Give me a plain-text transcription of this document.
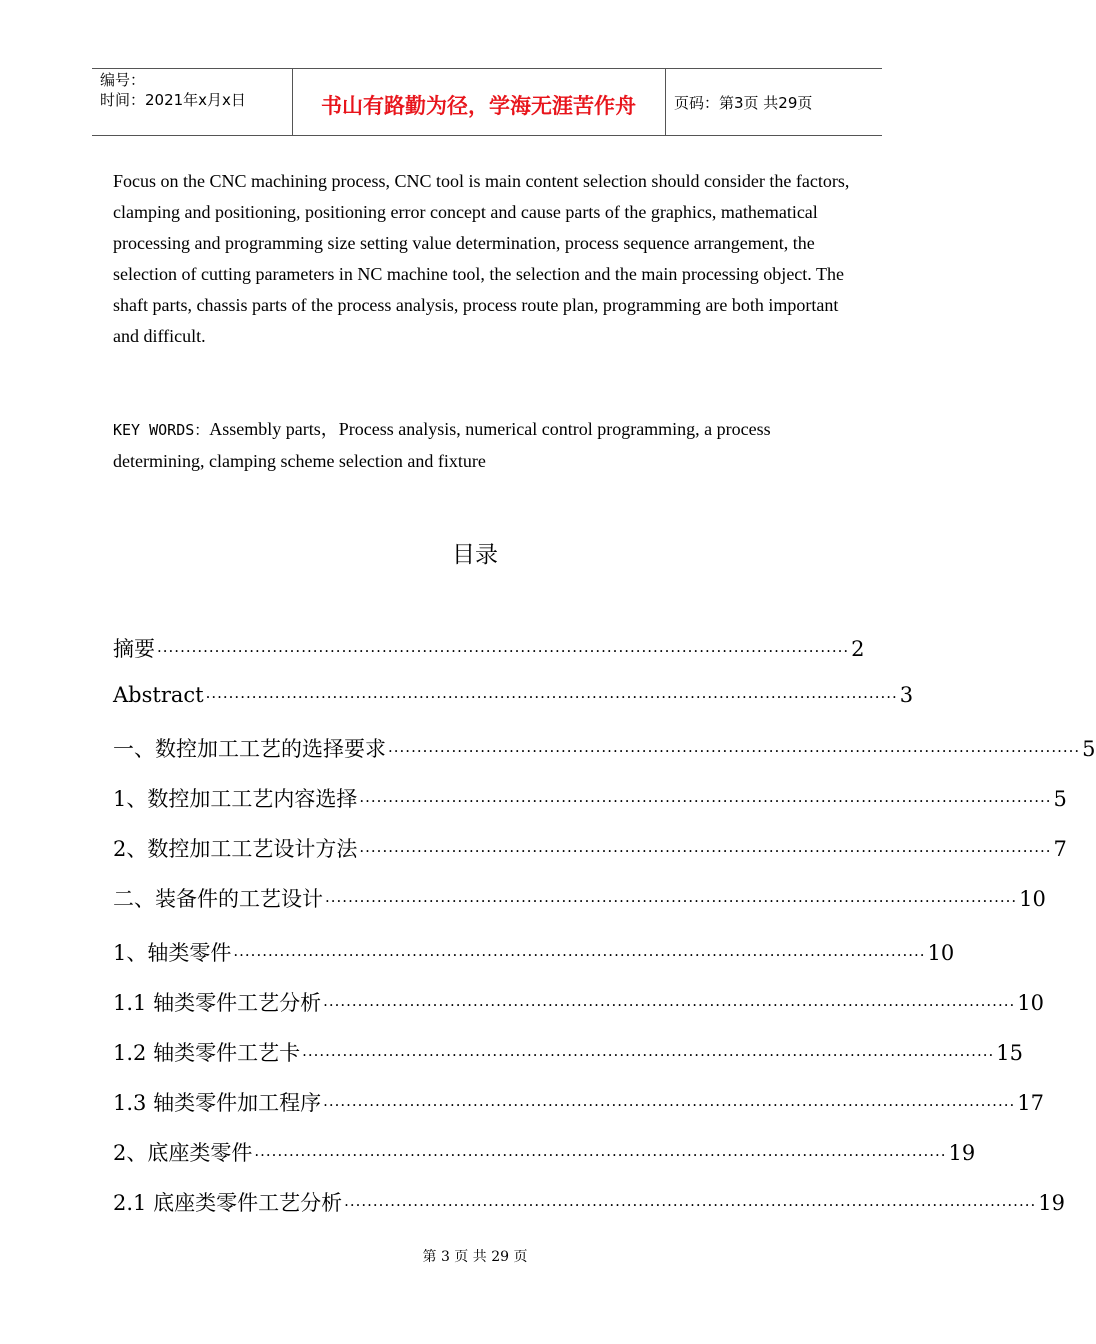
编号：
时间：2021年x月x日	书山有路勤为径，学海无涯苦作舟	页码：第3页 共29页
Focus on the CNC machining process, CNC tool is main content selection should consider the factors, clamping and positioning, positioning error concept and cause parts of the graphics, mathematical processing and programming size setting value determination, process sequence arrangement, the selection of cutting parameters in NC machine tool, the selection and the main processing object. The shaft parts, chassis parts of the process analysis, process route plan, programming are both important and difficult.
KEY WORDS：Assembly parts，Process analysis, numerical control programming, a process determining, clamping scheme selection and fixture
目录
摘要 ························································································································ 2
Abstract ························································································································ 3
一、数控加工工艺的选择要求 ························································································································ 5
1、数控加工工艺内容选择 ························································································································ 5
2、数控加工工艺设计方法 ························································································································ 7
二、装备件的工艺设计 ························································································································ 10
1、轴类零件 ························································································································ 10
1.1 轴类零件工艺分析 ························································································································ 10
1.2 轴类零件工艺卡 ························································································································ 15
1.3 轴类零件加工程序 ························································································································ 17
2、底座类零件 ························································································································ 19
2.1 底座类零件工艺分析 ························································································································ 19
第 3 页 共 29 页
